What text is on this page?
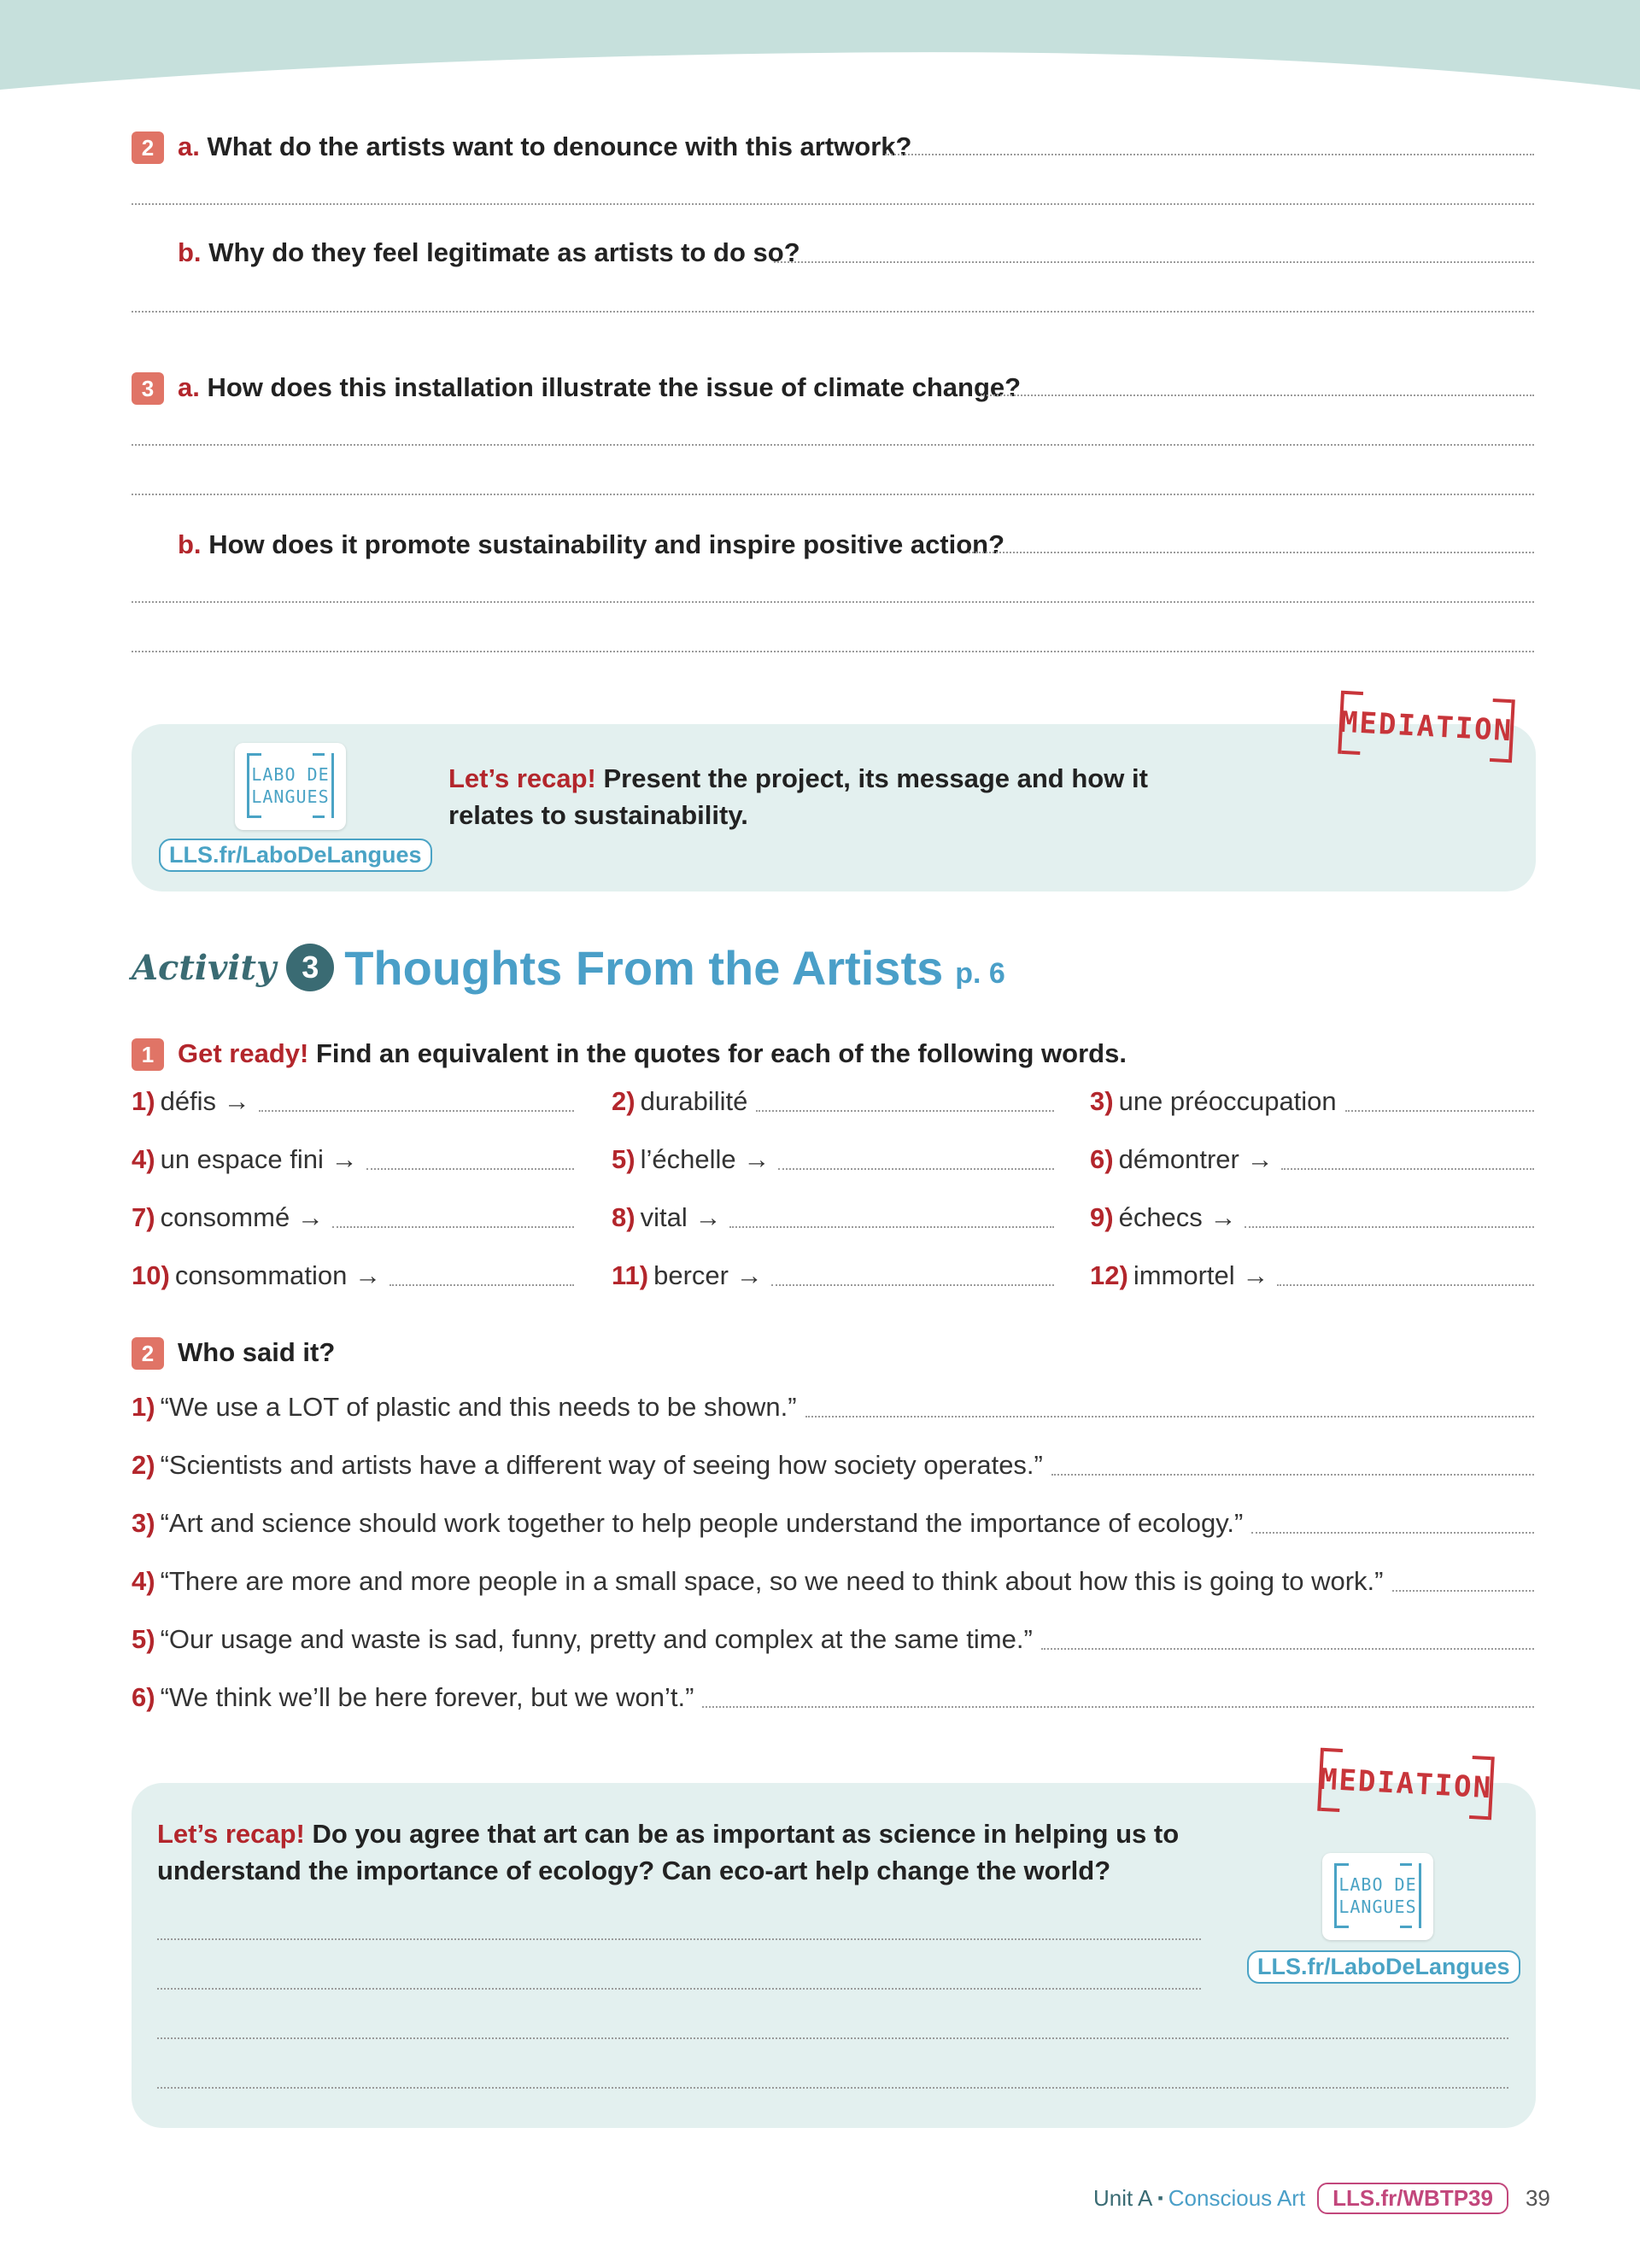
2 a. What do the artists want to denounce with this artwork?
b. Why do they feel legitimate as artists to do so?
3 a. How does this installation illustrate the issue of climate change?
b. How does it promote sustainability and inspire positive action?
LABO DE
LANGUES
LLS.fr/LaboDeLangues
Let’s recap! Present the project, its message and how it relates to sustainability.
MEDIATION
Activity 3 Thoughts From the Artists p. 6
1 Get ready! Find an equivalent in the quotes for each of the following words.
1) défis →	2) durabilité	3) une préoccupation
4) un espace fini →	5) l’échelle →	6) démontrer →
7) consommé →	8) vital →	9) échecs →
10) consommation →	11) bercer →	12) immortel →
2 Who said it?
1) “We use a LOT of plastic and this needs to be shown.”
2) “Scientists and artists have a different way of seeing how society operates.”
3) “Art and science should work together to help people understand the importance of ecology.”
4) “There are more and more people in a small space, so we need to think about how this is going to work.”
5) “Our usage and waste is sad, funny, pretty and complex at the same time.”
6) “We think we’ll be here forever, but we won’t.”
MEDIATION
Let’s recap! Do you agree that art can be as important as science in helping us to understand the importance of ecology? Can eco-art help change the world?	LABO DE
LANGUES
LLS.fr/LaboDeLangues
Unit A ▪ Conscious Art	LLS.fr/WBTP39	39
